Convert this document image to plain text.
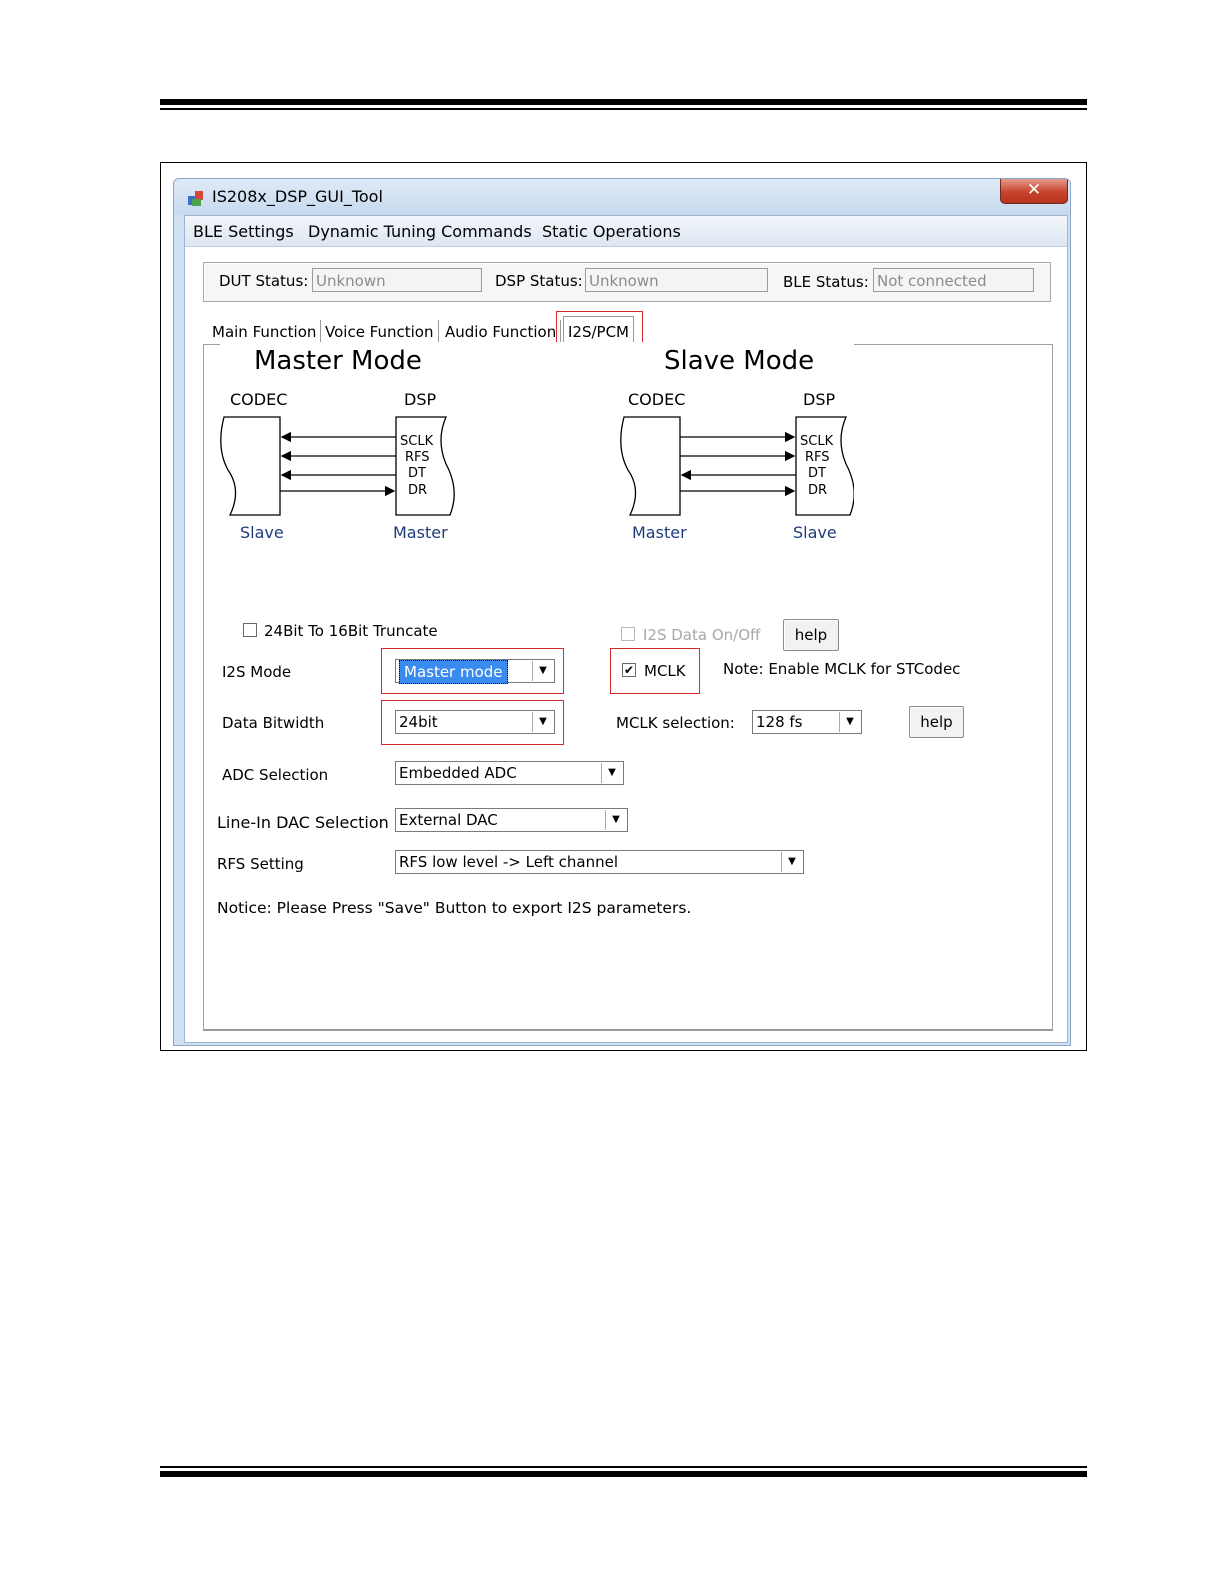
IS208x_DSP_GUI_Tool	✕
BLE Settings Dynamic Tuning Commands Static Operations
DUT Status: Unknown	DSP Status: Unknown	BLE Status: Not connected
Main Function Voice Function Audio Function I2S/PCM
Master Mode
CODEC	DSP
SCLK
RFS
DT
DR
Slave	Master
Slave Mode
CODEC	DSP
SCLK
RFS
DT
DR
Master	Slave
24Bit To 16Bit Truncate	I2S Data On/Off	help
I2S Mode	Master mode	▼	✔ MCLK Note: Enable MCLK for STCodec
Data Bitwidth	24bit	▼	MCLK selection: 128 fs	▼	help
ADC Selection	Embedded ADC	▼
Line-In DAC Selection External DAC	▼
RFS Setting	RFS low level -> Left channel	▼
Notice: Please Press "Save" Button to export I2S parameters.
